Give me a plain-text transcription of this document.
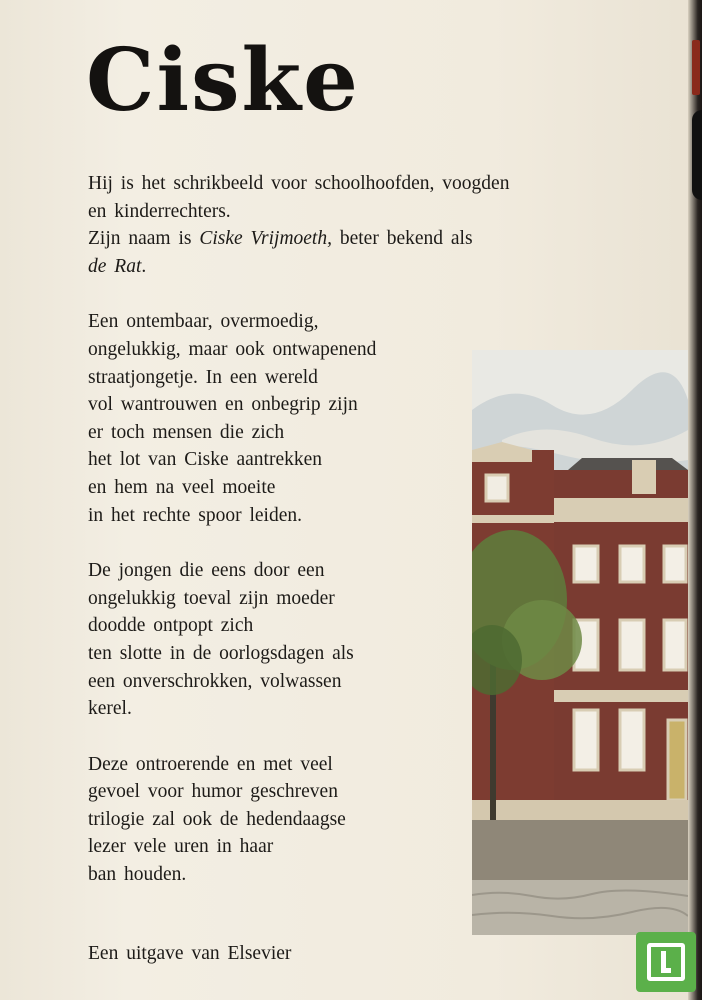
Ciske

Hij is het schrikbeeld voor schoolhoofden, voogden
en kinderrechters.

Zijn naam is Ciske Vrijmoeth, beter bekend als
de Rat.

Een ontembaar, overmoedig,
ongelukkig, maar ook ontwapenend
straatjongetje. In een wereld
vol wantrouwen en onbegrip zijn
er toch mensen die zich
het lot van Ciske aantrekken
en hem na veel moeite
in het rechte spoor leiden.

De jongen die eens door een
ongelukkig toeval zijn moeder
doodde ontpopt zich
ten slotte in de oorlogsdagen als
een onverschrokken, volwassen
kerel.

Deze ontroerende en met veel
gevoel voor humor geschreven
trilogie zal ook de hedendaagse
lezer vele uren in haar
ban houden.

Een uitgave van Elsevier
